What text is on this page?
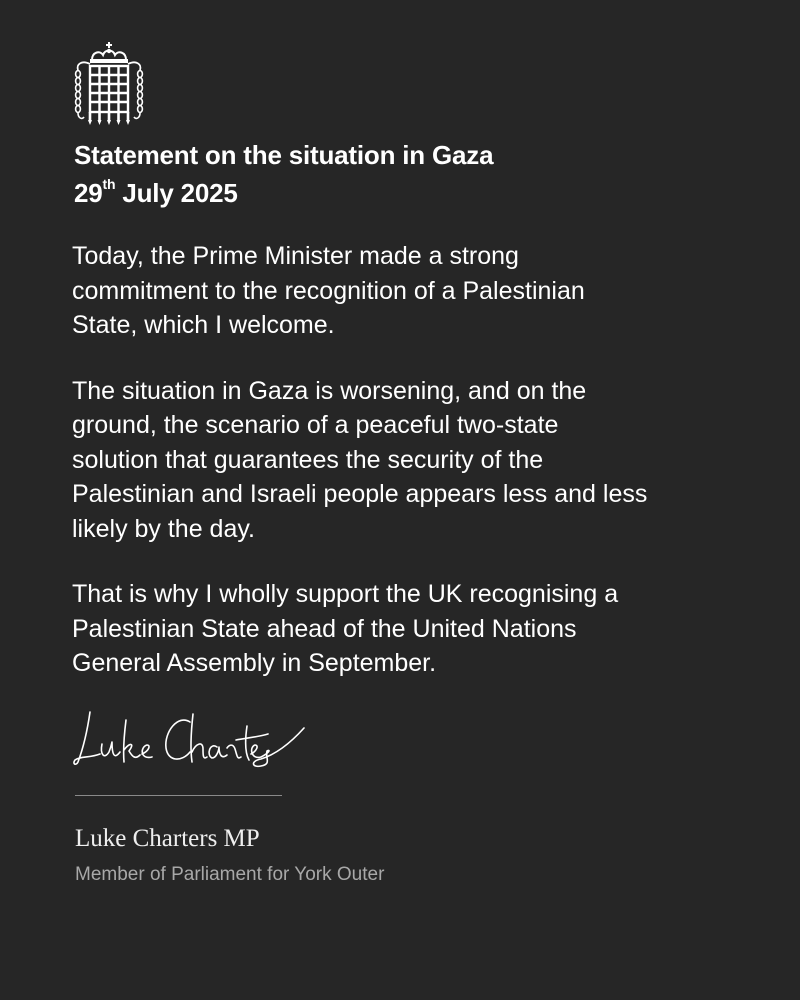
Statement on the situation in Gaza
29th July 2025

Today, the Prime Minister made a strong
commitment to the recognition of a Palestinian
State, which I welcome.

The situation in Gaza is worsening, and on the
ground, the scenario of a peaceful two-state
solution that guarantees the security of the
Palestinian and Israeli people appears less and less
likely by the day.

That is why I wholly support the UK recognising a
Palestinian State ahead of the United Nations
General Assembly in September.

Luke Charters MP
Member of Parliament for York Outer
